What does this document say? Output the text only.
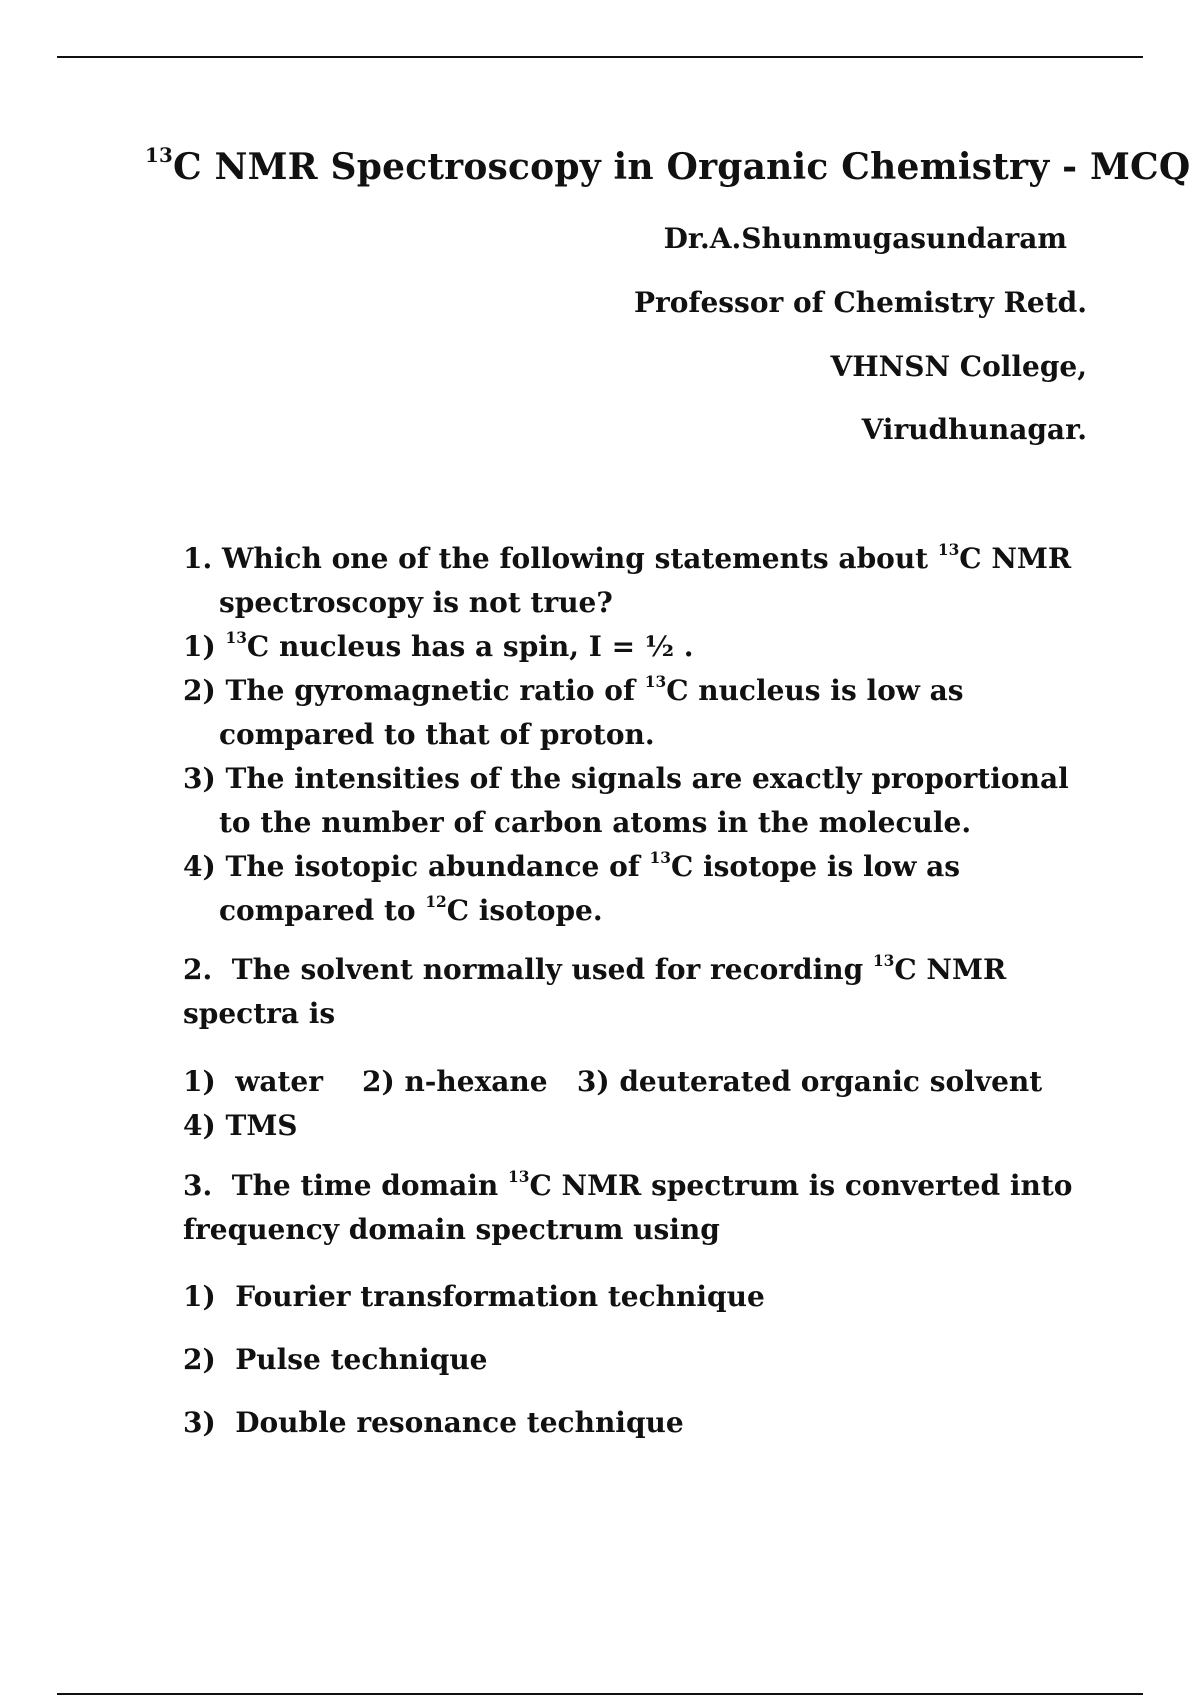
$^{13}$C NMR Spectroscopy in Organic Chemistry - MCQ
Dr.A.Shunmugasundaram
Professor of Chemistry Retd.
VHNSN College,
Virudhunagar.
1. Which one of the following statements about $^{13}$C NMR spectroscopy is not true?
1) $^{13}$C nucleus has a spin, I = ½ .
2) The gyromagnetic ratio of $^{13}$C nucleus is low as compared to that of proton.
3) The intensities of the signals are exactly proportional to the number of carbon atoms in the molecule.
4) The isotopic abundance of $^{13}$C isotope is low as compared to $^{12}$C isotope.
2. The solvent normally used for recording $^{13}$C NMR spectra is
1)  water    2) n-hexane   3) deuterated organic solvent   4) TMS
3. The time domain $^{13}$C NMR spectrum is converted into frequency domain spectrum using
1)  Fourier transformation technique
2)  Pulse technique
3)  Double resonance technique
